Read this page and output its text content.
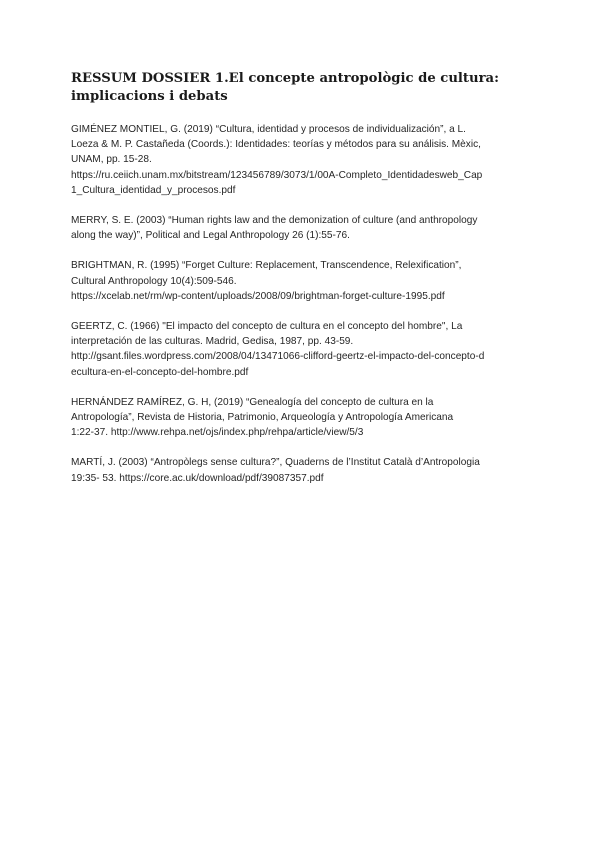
RESSUM DOSSIER 1.El concepte antropològic de cultura:
implicacions i debats
GIMÉNEZ MONTIEL, G. (2019) “Cultura, identidad y procesos de individualización”, a L.
Loeza & M. P. Castañeda (Coords.): Identidades: teorías y métodos para su análisis. Mèxic,
UNAM, pp. 15-28.
https://ru.ceiich.unam.mx/bitstream/123456789/3073/1/00A-Completo_Identidadesweb_Cap
1_Cultura_identidad_y_procesos.pdf
MERRY, S. E. (2003) “Human rights law and the demonization of culture (and anthropology
along the way)”, Political and Legal Anthropology 26 (1):55-76.
BRIGHTMAN, R. (1995) “Forget Culture: Replacement, Transcendence, Relexification”,
Cultural Anthropology 10(4):509-546.
https://xcelab.net/rm/wp-content/uploads/2008/09/brightman-forget-culture-1995.pdf
GEERTZ, C. (1966) "El impacto del concepto de cultura en el concepto del hombre", La
interpretación de las culturas. Madrid, Gedisa, 1987, pp. 43-59.
http://gsant.files.wordpress.com/2008/04/13471066-clifford-geertz-el-impacto-del-concepto-d
ecultura-en-el-concepto-del-hombre.pdf
HERNÁNDEZ RAMÍREZ, G. H, (2019) “Genealogía del concepto de cultura en la
Antropología”, Revista de Historia, Patrimonio, Arqueología y Antropología Americana
1:22-37. http://www.rehpa.net/ojs/index.php/rehpa/article/view/5/3
MARTÍ, J. (2003) “Antropòlegs sense cultura?”, Quaderns de l’Institut Català d’Antropologia
19:35- 53. https://core.ac.uk/download/pdf/39087357.pdf
